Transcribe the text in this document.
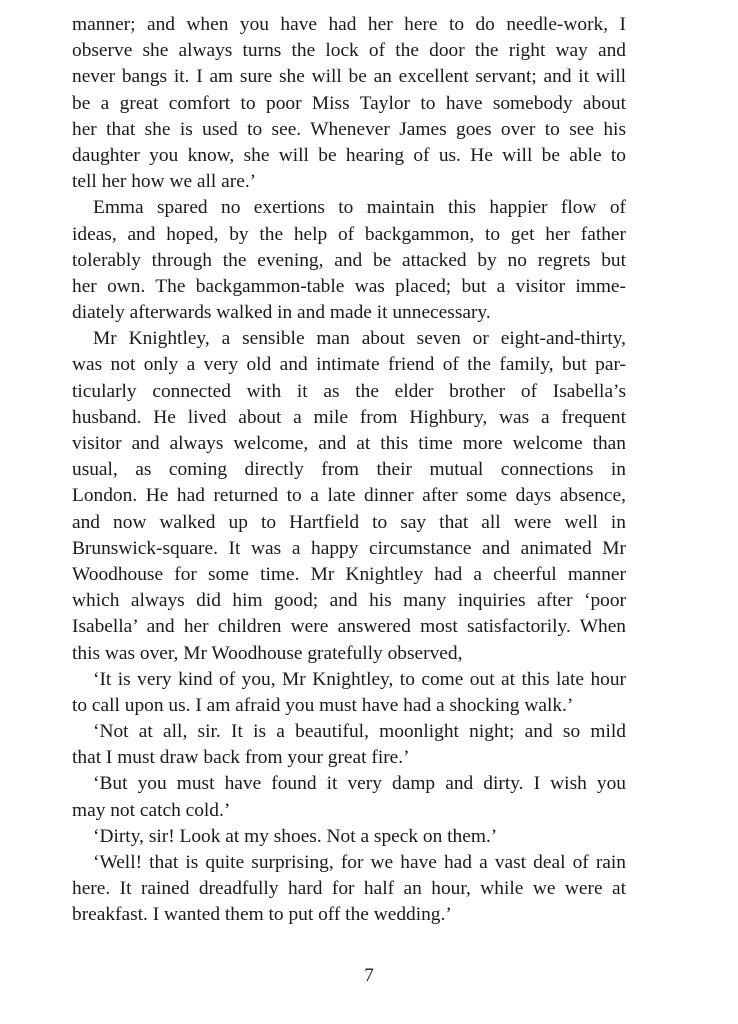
manner; and when you have had her here to do needle-work, I
observe she always turns the lock of the door the right way and
never bangs it. I am sure she will be an excellent servant; and it will
be a great comfort to poor Miss Taylor to have somebody about
her that she is used to see. Whenever James goes over to see his
daughter you know, she will be hearing of us. He will be able to
tell her how we all are.’
Emma spared no exertions to maintain this happier flow of
ideas, and hoped, by the help of backgammon, to get her father
tolerably through the evening, and be attacked by no regrets but
her own. The backgammon-table was placed; but a visitor imme-
diately afterwards walked in and made it unnecessary.
Mr Knightley, a sensible man about seven or eight-and-thirty,
was not only a very old and intimate friend of the family, but par-
ticularly connected with it as the elder brother of Isabella’s
husband. He lived about a mile from Highbury, was a frequent
visitor and always welcome, and at this time more welcome than
usual, as coming directly from their mutual connections in
London. He had returned to a late dinner after some days absence,
and now walked up to Hartfield to say that all were well in
Brunswick-square. It was a happy circumstance and animated Mr
Woodhouse for some time. Mr Knightley had a cheerful manner
which always did him good; and his many inquiries after ‘poor
Isabella’ and her children were answered most satisfactorily. When
this was over, Mr Woodhouse gratefully observed,
‘It is very kind of you, Mr Knightley, to come out at this late hour
to call upon us. I am afraid you must have had a shocking walk.’
‘Not at all, sir. It is a beautiful, moonlight night; and so mild
that I must draw back from your great fire.’
‘But you must have found it very damp and dirty. I wish you
may not catch cold.’
‘Dirty, sir! Look at my shoes. Not a speck on them.’
‘Well! that is quite surprising, for we have had a vast deal of rain
here. It rained dreadfully hard for half an hour, while we were at
breakfast. I wanted them to put off the wedding.’
7
